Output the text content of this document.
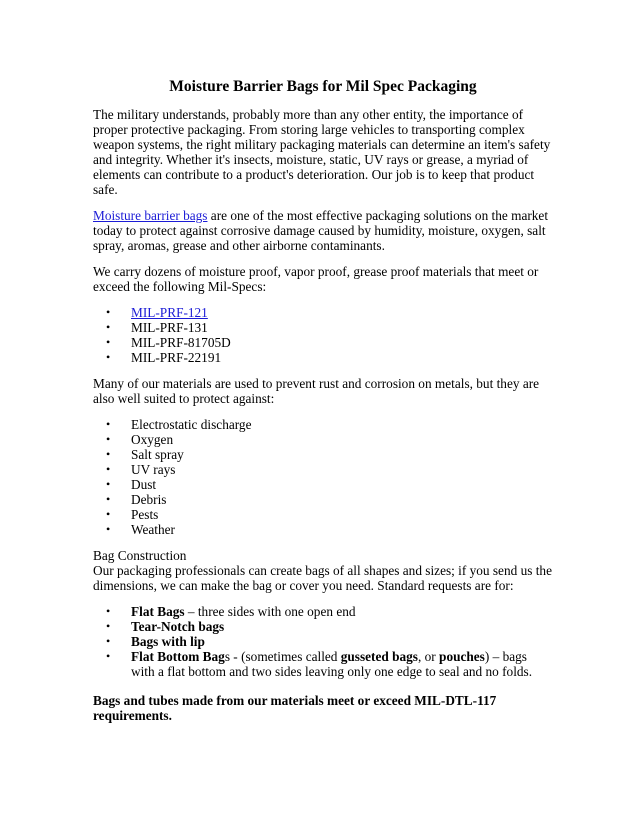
Moisture Barrier Bags for Mil Spec Packaging

The military understands, probably more than any other entity, the importance of proper protective packaging. From storing large vehicles to transporting complex weapon systems, the right military packaging materials can determine an item's safety and integrity. Whether it's insects, moisture, static, UV rays or grease, a myriad of elements can contribute to a product's deterioration. Our job is to keep that product safe.

Moisture barrier bags are one of the most effective packaging solutions on the market today to protect against corrosive damage caused by humidity, moisture, oxygen, salt spray, aromas, grease and other airborne contaminants.

We carry dozens of moisture proof, vapor proof, grease proof materials that meet or exceed the following Mil-Specs:

• MIL-PRF-121
• MIL-PRF-131
• MIL-PRF-81705D
• MIL-PRF-22191

Many of our materials are used to prevent rust and corrosion on metals, but they are also well suited to protect against:

• Electrostatic discharge
• Oxygen
• Salt spray
• UV rays
• Dust
• Debris
• Pests
• Weather

Bag Construction
Our packaging professionals can create bags of all shapes and sizes; if you send us the dimensions, we can make the bag or cover you need. Standard requests are for:

• Flat Bags – three sides with one open end
• Tear-Notch bags
• Bags with lip
• Flat Bottom Bags - (sometimes called gusseted bags, or pouches) – bags with a flat bottom and two sides leaving only one edge to seal and no folds.

Bags and tubes made from our materials meet or exceed MIL-DTL-117 requirements.
